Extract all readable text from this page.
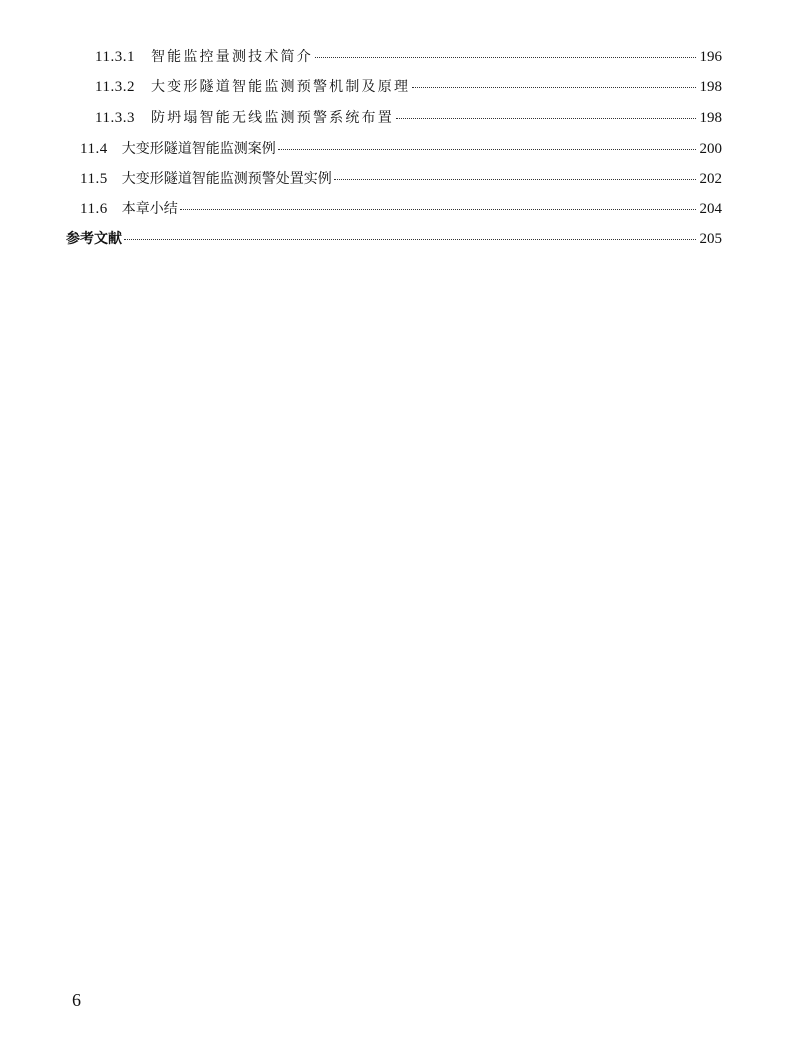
11.3.1 智能监控量测技术简介	196
11.3.2 大变形隧道智能监测预警机制及原理	198
11.3.3 防坍塌智能无线监测预警系统布置	198
11.4 大变形隧道智能监测案例	200
11.5 大变形隧道智能监测预警处置实例	202
11.6 本章小结	204
参考文献	205
6
